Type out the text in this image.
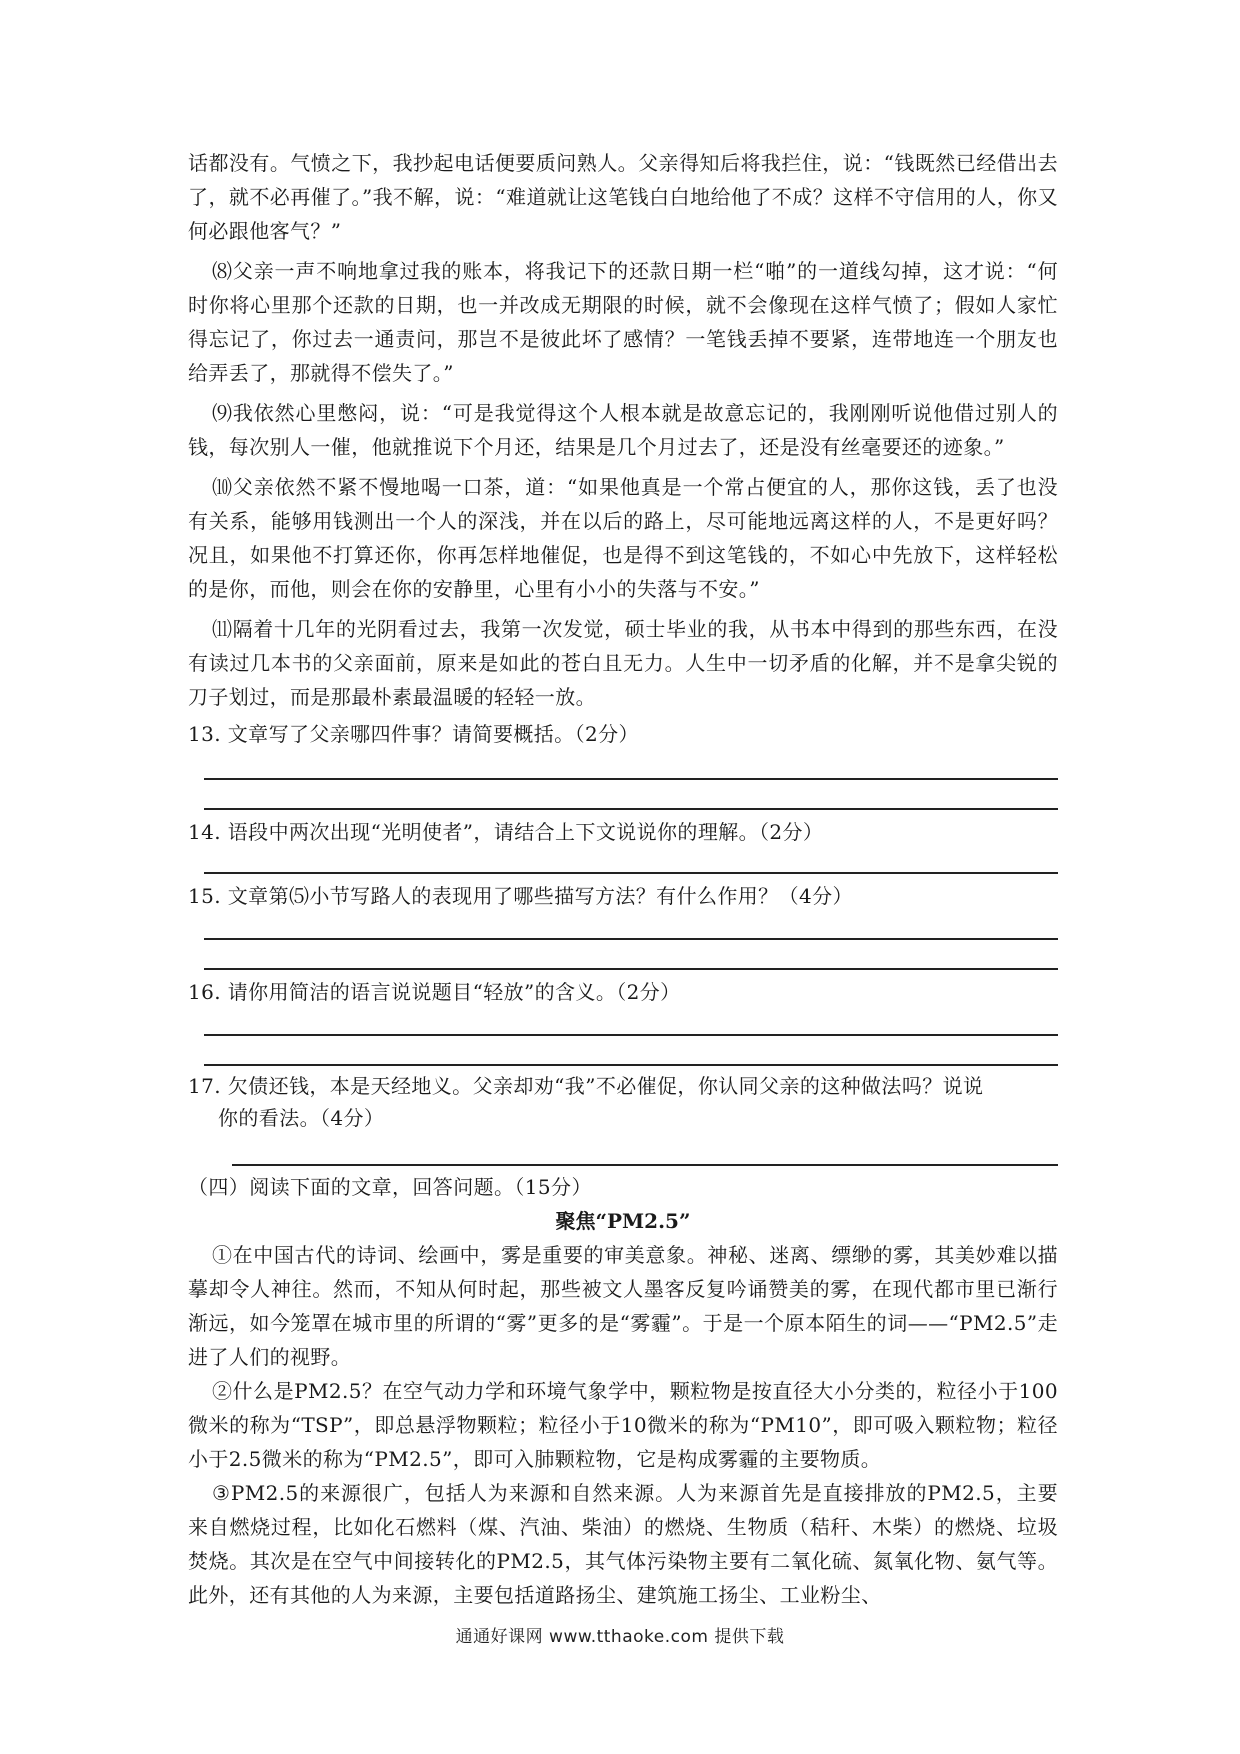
话都没有。气愤之下，我抄起电话便要质问熟人。父亲得知后将我拦住，说：“钱既然已经借出去了，就不必再催了。”我不解，说：“难道就让这笔钱白白地给他了不成？这样不守信用的人，你又何必跟他客气？”

⑻父亲一声不响地拿过我的账本，将我记下的还款日期一栏“啪”的一道线勾掉，这才说：“何时你将心里那个还款的日期，也一并改成无期限的时候，就不会像现在这样气愤了；假如人家忙得忘记了，你过去一通责问，那岂不是彼此坏了感情？一笔钱丢掉不要紧，连带地连一个朋友也给弄丢了，那就得不偿失了。”

⑼我依然心里憋闷，说：“可是我觉得这个人根本就是故意忘记的，我刚刚听说他借过别人的钱，每次别人一催，他就推说下个月还，结果是几个月过去了，还是没有丝毫要还的迹象。”

⑽父亲依然不紧不慢地喝一口茶，道：“如果他真是一个常占便宜的人，那你这钱，丢了也没有关系，能够用钱测出一个人的深浅，并在以后的路上，尽可能地远离这样的人，不是更好吗？况且，如果他不打算还你，你再怎样地催促，也是得不到这笔钱的，不如心中先放下，这样轻松的是你，而他，则会在你的安静里，心里有小小的失落与不安。”

⑾隔着十几年的光阴看过去，我第一次发觉，硕士毕业的我，从书本中得到的那些东西，在没有读过几本书的父亲面前，原来是如此的苍白且无力。人生中一切矛盾的化解，并不是拿尖锐的刀子划过，而是那最朴素最温暖的轻轻一放。

13. 文章写了父亲哪四件事？请简要概括。（2分）

14. 语段中两次出现“光明使者”，请结合上下文说说你的理解。（2分）

15. 文章第⑸小节写路人的表现用了哪些描写方法？有什么作用？（4分）

16. 请你用简洁的语言说说题目“轻放”的含义。（2分）

17. 欠债还钱，本是天经地义。父亲却劝“我”不必催促，你认同父亲的这种做法吗？说说

你的看法。（4分）

（四）阅读下面的文章，回答问题。（15分）

聚焦“PM2.5”

①在中国古代的诗词、绘画中，雾是重要的审美意象。神秘、迷离、缥缈的雾，其美妙难以描摹却令人神往。然而，不知从何时起，那些被文人墨客反复吟诵赞美的雾，在现代都市里已渐行渐远，如今笼罩在城市里的所谓的“雾”更多的是“雾霾”。于是一个原本陌生的词——“PM2.5”走进了人们的视野。

②什么是PM2.5？在空气动力学和环境气象学中，颗粒物是按直径大小分类的，粒径小于100微米的称为“TSP”，即总悬浮物颗粒；粒径小于10微米的称为“PM10”，即可吸入颗粒物；粒径小于2.5微米的称为“PM2.5”，即可入肺颗粒物，它是构成雾霾的主要物质。

③PM2.5的来源很广，包括人为来源和自然来源。人为来源首先是直接排放的PM2.5，主要来自燃烧过程，比如化石燃料（煤、汽油、柴油）的燃烧、生物质（秸秆、木柴）的燃烧、垃圾焚烧。其次是在空气中间接转化的PM2.5，其气体污染物主要有二氧化硫、氮氧化物、氨气等。此外，还有其他的人为来源，主要包括道路扬尘、建筑施工扬尘、工业粉尘、

通通好课网 www.tthaoke.com 提供下载
